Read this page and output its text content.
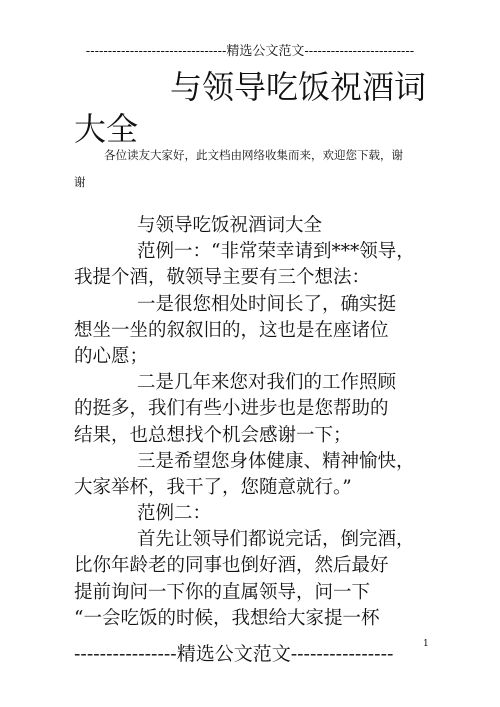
--------------------------------精选公文范文-------------------------
与领导吃饭祝酒词
大全
各位读友大家好，此文档由网络收集而来，欢迎您下载，谢
谢
与领导吃饭祝酒词大全
范例一：“非常荣幸请到***领导，
我提个酒，敬领导主要有三个想法：
一是很您相处时间长了，确实挺
想坐一坐的叙叙旧的，这也是在座诸位
的心愿；
二是几年来您对我们的工作照顾
的挺多，我们有些小进步也是您帮助的
结果，也总想找个机会感谢一下；
三是希望您身体健康、精神愉快，
大家举杯，我干了，您随意就行。”
范例二：
首先让领导们都说完话，倒完酒，
比你年龄老的同事也倒好酒，然后最好
提前询问一下你的直属领导，问一下
“一会吃饭的时候，我想给大家提一杯
----------------精选公文范文----------------	1
